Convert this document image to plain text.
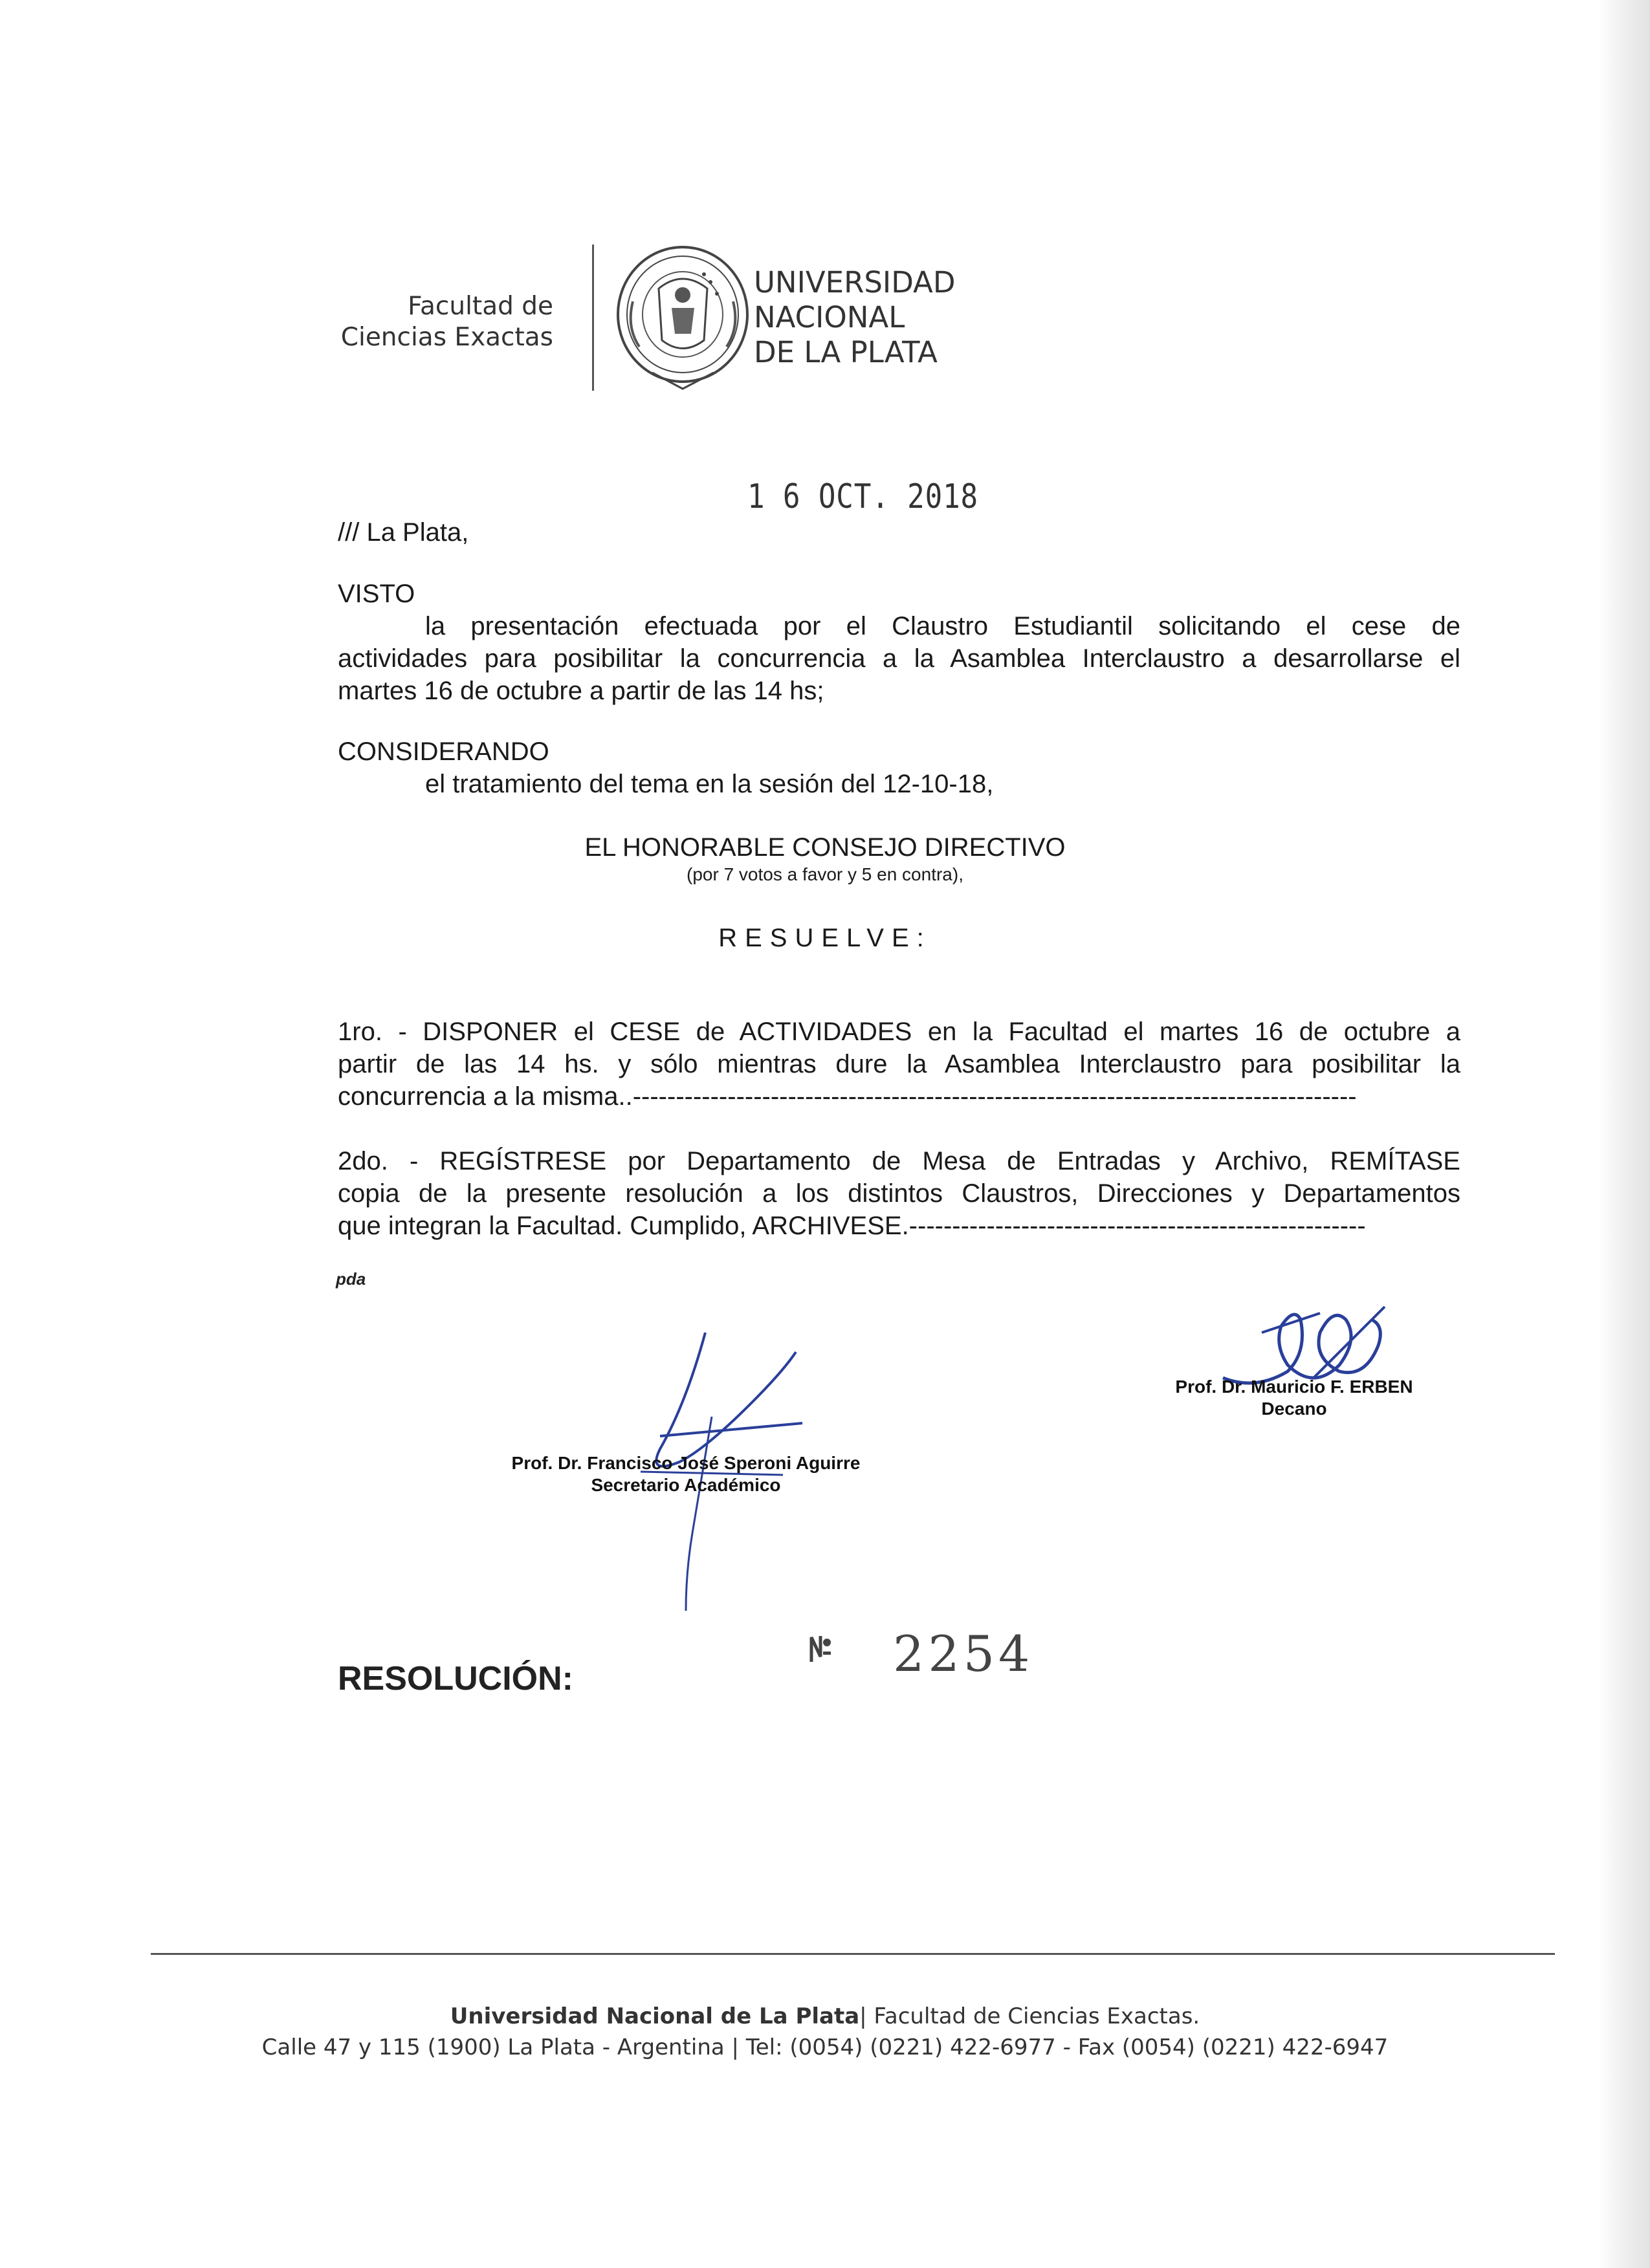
Facultad de
Ciencias Exactas
UNIVERSIDAD
NACIONAL
DE LA PLATA
1 6 OCT. 2018
/// La Plata,
VISTO
la presentación efectuada por el Claustro Estudiantil solicitando el cese de
actividades para posibilitar la concurrencia a la Asamblea Interclaustro a desarrollarse el
martes 16 de octubre a partir de las 14 hs;
CONSIDERANDO
el tratamiento del tema en la sesión del 12-10-18,
EL HONORABLE CONSEJO DIRECTIVO
(por 7 votos a favor y 5 en contra),
RESUELVE:
1ro. - DISPONER el CESE de ACTIVIDADES en la Facultad el martes 16 de octubre a
partir de las 14 hs. y sólo mientras dure la Asamblea Interclaustro para posibilitar la
concurrencia a la misma..------------------------------------------------------------------------------------
2do. - REGÍSTRESE por Departamento de Mesa de Entradas y Archivo, REMÍTASE
copia de la presente resolución a los distintos Claustros, Direcciones y Departamentos
que integran la Facultad. Cumplido, ARCHIVESE.-----------------------------------------------------
pda
Prof. Dr. Mauricio F. ERBEN
Decano
Prof. Dr. Francisco José Speroni Aguirre
Secretario Académico
RESOLUCIÓN:	2254
Universidad Nacional de La Plata| Facultad de Ciencias Exactas.
Calle 47 y 115 (1900) La Plata - Argentina | Tel: (0054) (0221) 422-6977 - Fax (0054) (0221) 422-6947
